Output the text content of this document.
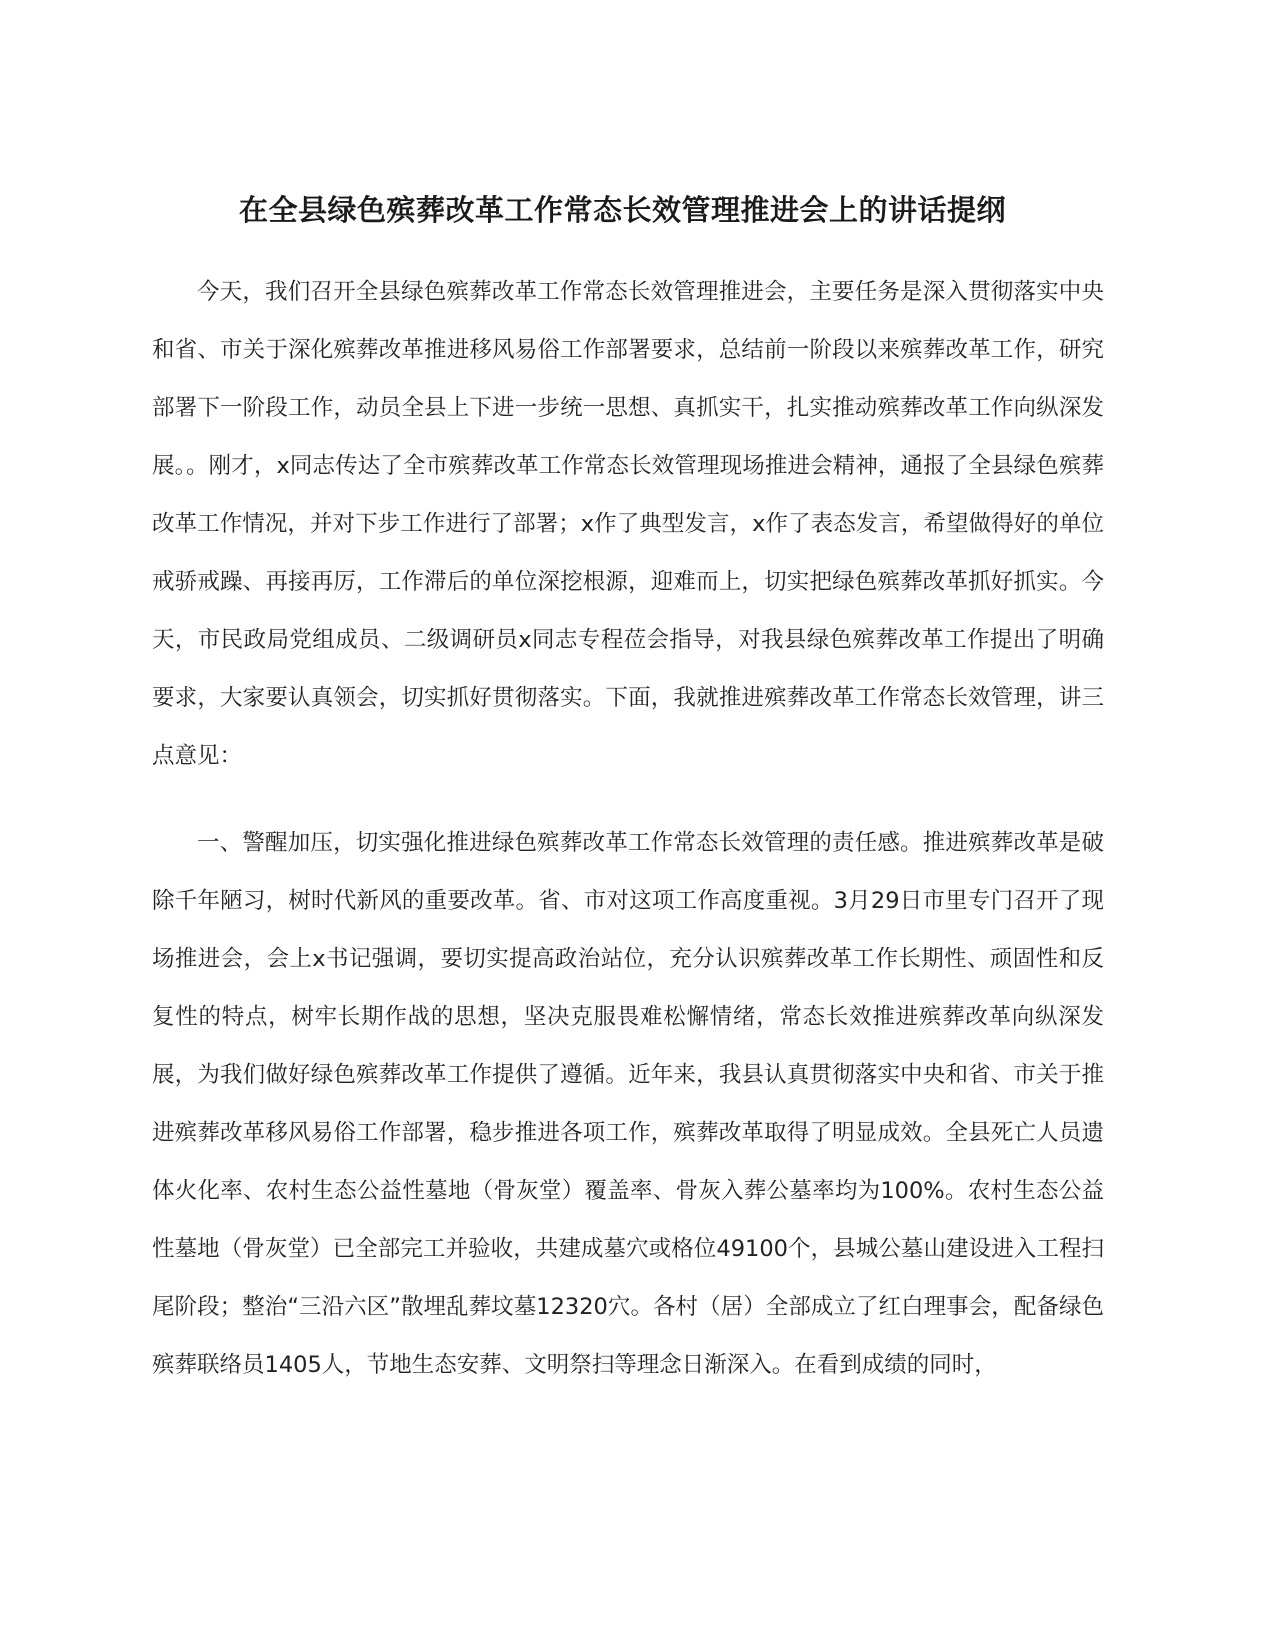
在全县绿色殡葬改革工作常态长效管理推进会上的讲话提纲

今天，我们召开全县绿色殡葬改革工作常态长效管理推进会，主要任务是深入贯彻落实中央和省、市关于深化殡葬改革推进移风易俗工作部署要求，总结前一阶段以来殡葬改革工作，研究部署下一阶段工作，动员全县上下进一步统一思想、真抓实干，扎实推动殡葬改革工作向纵深发展。。刚才，x同志传达了全市殡葬改革工作常态长效管理现场推进会精神，通报了全县绿色殡葬改革工作情况，并对下步工作进行了部署；x作了典型发言，x作了表态发言，希望做得好的单位戒骄戒躁、再接再厉，工作滞后的单位深挖根源，迎难而上，切实把绿色殡葬改革抓好抓实。今天，市民政局党组成员、二级调研员x同志专程莅会指导，对我县绿色殡葬改革工作提出了明确要求，大家要认真领会，切实抓好贯彻落实。下面，我就推进殡葬改革工作常态长效管理，讲三点意见：

一、警醒加压，切实强化推进绿色殡葬改革工作常态长效管理的责任感。推进殡葬改革是破除千年陋习，树时代新风的重要改革。省、市对这项工作高度重视。3月29日市里专门召开了现场推进会，会上x书记强调，要切实提高政治站位，充分认识殡葬改革工作长期性、顽固性和反复性的特点，树牢长期作战的思想，坚决克服畏难松懈情绪，常态长效推进殡葬改革向纵深发展，为我们做好绿色殡葬改革工作提供了遵循。近年来，我县认真贯彻落实中央和省、市关于推进殡葬改革移风易俗工作部署，稳步推进各项工作，殡葬改革取得了明显成效。全县死亡人员遗体火化率、农村生态公益性墓地（骨灰堂）覆盖率、骨灰入葬公墓率均为100%。农村生态公益性墓地（骨灰堂）已全部完工并验收，共建成墓穴或格位49100个，县城公墓山建设进入工程扫尾阶段；整治“三沿六区”散埋乱葬坟墓12320穴。各村（居）全部成立了红白理事会，配备绿色殡葬联络员1405人，节地生态安葬、文明祭扫等理念日渐深入。在看到成绩的同时，
